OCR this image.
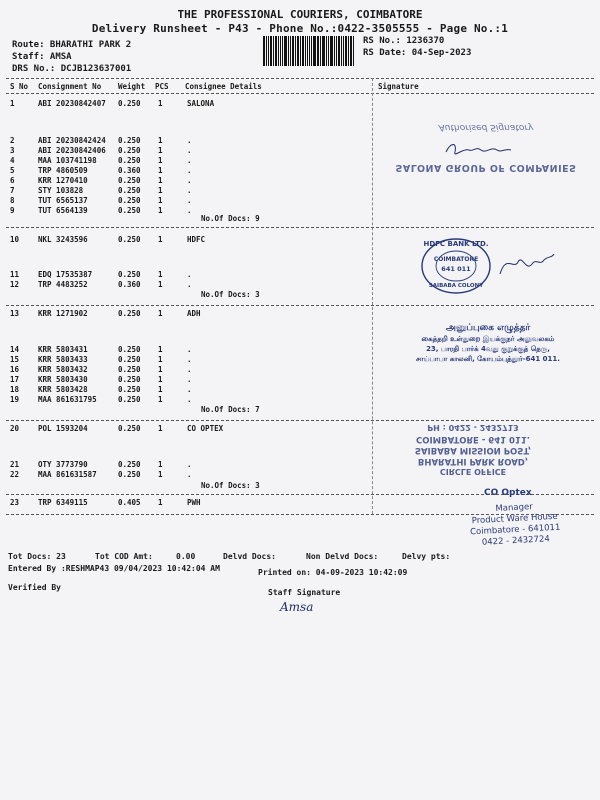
THE PROFESSIONAL COURIERS, COIMBATORE
Delivery Runsheet - P43 - Phone No.:0422-3505555 - Page No.:1
Route: BHARATHI PARK 2
Staff: AMSA
DRS No.: DCJB123637001
RS No.: 1236370
RS Date: 04-Sep-2023
S No Consignment No Weight PCS Consignee Details	Signature
1	ABI 20230842407 0.250 1	SALONA
2	ABI 20230842424 0.250 1	.
3	ABI 20230842406 0.250 1	.
4	MAA 103741198	0.250 1	.
5	TRP 4860509	0.360 1	.
6	KRR 1270410	0.250 1	.
7	STY 103828	0.250 1	.
8	TUT 6565137	0.250 1	.
9	TUT 6564139	0.250 1	.
No.Of Docs: 9
10	NKL 3243596	0.250 1	HDFC
11	EDQ 17535387	0.250 1	.
12	TRP 4483252	0.360 1	.
No.Of Docs: 3
13	KRR 1271902	0.250 1	ADH
14	KRR 5803431	0.250 1	.
15	KRR 5803433	0.250 1	.
16	KRR 5803432	0.250 1	.
17	KRR 5803430	0.250 1	.
18	KRR 5803428	0.250 1	.
19	MAA 861631795	0.250 1	.
No.Of Docs: 7
20	POL 1593204	0.250 1	CO OPTEX
21	OTY 3773790	0.250 1	.
22	MAA 861631587	0.250 1	.
No.Of Docs: 3
23	TRP 6349115	0.405 1	PWH
Authorised Signatory
SALONA GROUP OF COMPANIES
HDFC BANK LTD.
COIMBATORE
641 011
SAIBABA COLONY
அனுப்புகை எழுத்தர்
கைத்தறி உள்துறை இயக்குநர் அலுவலகம்
23, பாரதி பார்க் 4வது குறுக்குத் தெரு,
சாய்பாபா காலனி, கோயம்புத்தூர்-641 011.
CIRCLE OFFICE
BHARATHI PARK ROAD,
SAIBABA MISSION POST,
COIMBATORE - 641 011.
PH : 0422 - 2432713
CO Optex
Manager
Product Ware House
Coimbatore - 641011
0422 - 2432724
Tot Docs: 23	Tot COD Amt:	0.00	Delvd Docs:	Non Delvd Docs:	Delvy pts:
Entered By :RESHMAP43 09/04/2023 10:42:04 AM	Printed on: 04-09-2023 10:42:09
Verified By
Staff Signature
Amsa
